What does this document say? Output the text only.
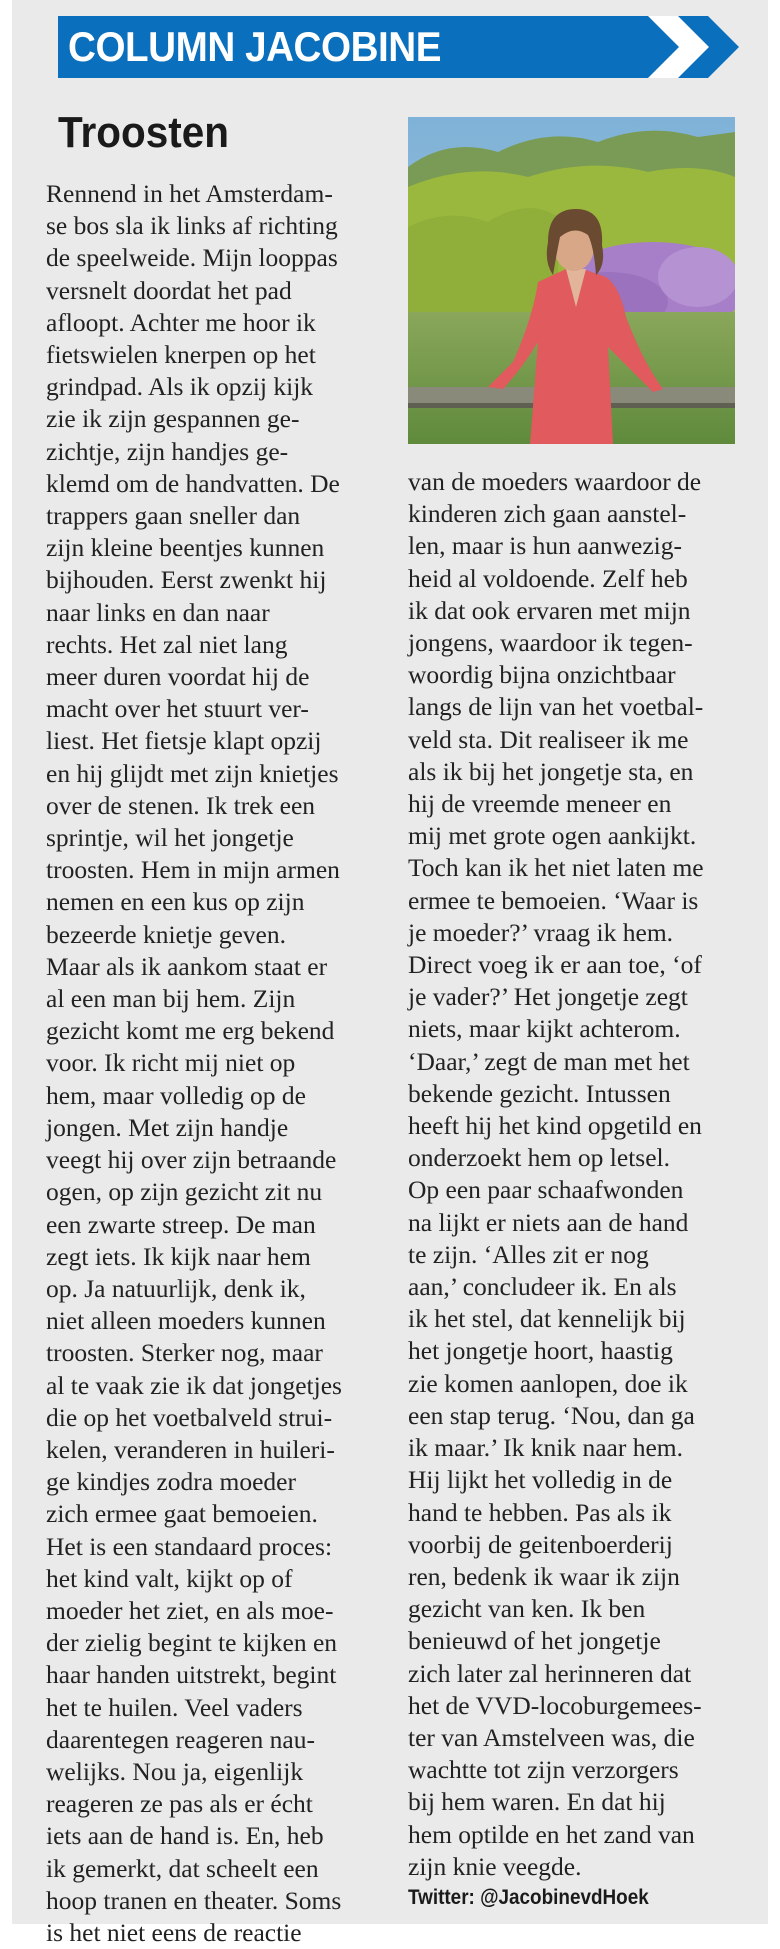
COLUMN JACOBINE
Troosten
Rennend in het Amsterdam-
se bos sla ik links af richting
de speelweide. Mijn looppas
versnelt doordat het pad
afloopt. Achter me hoor ik
fietswielen knerpen op het
grindpad. Als ik opzij kijk
zie ik zijn gespannen ge-
zichtje, zijn handjes ge-
klemd om de handvatten. De
trappers gaan sneller dan
zijn kleine beentjes kunnen
bijhouden. Eerst zwenkt hij
naar links en dan naar
rechts. Het zal niet lang
meer duren voordat hij de
macht over het stuurt ver-
liest. Het fietsje klapt opzij
en hij glijdt met zijn knietjes
over de stenen. Ik trek een
sprintje, wil het jongetje
troosten. Hem in mijn armen
nemen en een kus op zijn
bezeerde knietje geven.
Maar als ik aankom staat er
al een man bij hem. Zijn
gezicht komt me erg bekend
voor. Ik richt mij niet op
hem, maar volledig op de
jongen. Met zijn handje
veegt hij over zijn betraande
ogen, op zijn gezicht zit nu
een zwarte streep. De man
zegt iets. Ik kijk naar hem
op. Ja natuurlijk, denk ik,
niet alleen moeders kunnen
troosten. Sterker nog, maar
al te vaak zie ik dat jongetjes
die op het voetbalveld strui-
kelen, veranderen in huileri-
ge kindjes zodra moeder
zich ermee gaat bemoeien.
Het is een standaard proces:
het kind valt, kijkt op of
moeder het ziet, en als moe-
der zielig begint te kijken en
haar handen uitstrekt, begint
het te huilen. Veel vaders
daarentegen reageren nau-
welijks. Nou ja, eigenlijk
reageren ze pas als er écht
iets aan de hand is. En, heb
ik gemerkt, dat scheelt een
hoop tranen en theater. Soms
is het niet eens de reactie
van de moeders waardoor de
kinderen zich gaan aanstel-
len, maar is hun aanwezig-
heid al voldoende. Zelf heb
ik dat ook ervaren met mijn
jongens, waardoor ik tegen-
woordig bijna onzichtbaar
langs de lijn van het voetbal-
veld sta. Dit realiseer ik me
als ik bij het jongetje sta, en
hij de vreemde meneer en
mij met grote ogen aankijkt.
Toch kan ik het niet laten me
ermee te bemoeien. ‘Waar is
je moeder?’ vraag ik hem.
Direct voeg ik er aan toe, ‘of
je vader?’ Het jongetje zegt
niets, maar kijkt achterom.
‘Daar,’ zegt de man met het
bekende gezicht. Intussen
heeft hij het kind opgetild en
onderzoekt hem op letsel.
Op een paar schaafwonden
na lijkt er niets aan de hand
te zijn. ‘Alles zit er nog
aan,’ concludeer ik. En als
ik het stel, dat kennelijk bij
het jongetje hoort, haastig
zie komen aanlopen, doe ik
een stap terug. ‘Nou, dan ga
ik maar.’ Ik knik naar hem.
Hij lijkt het volledig in de
hand te hebben. Pas als ik
voorbij de geitenboerderij
ren, bedenk ik waar ik zijn
gezicht van ken. Ik ben
benieuwd of het jongetje
zich later zal herinneren dat
het de VVD-locoburgemees-
ter van Amstelveen was, die
wachtte tot zijn verzorgers
bij hem waren. En dat hij
hem optilde en het zand van
zijn knie veegde.
Twitter: @JacobinevdHoek
